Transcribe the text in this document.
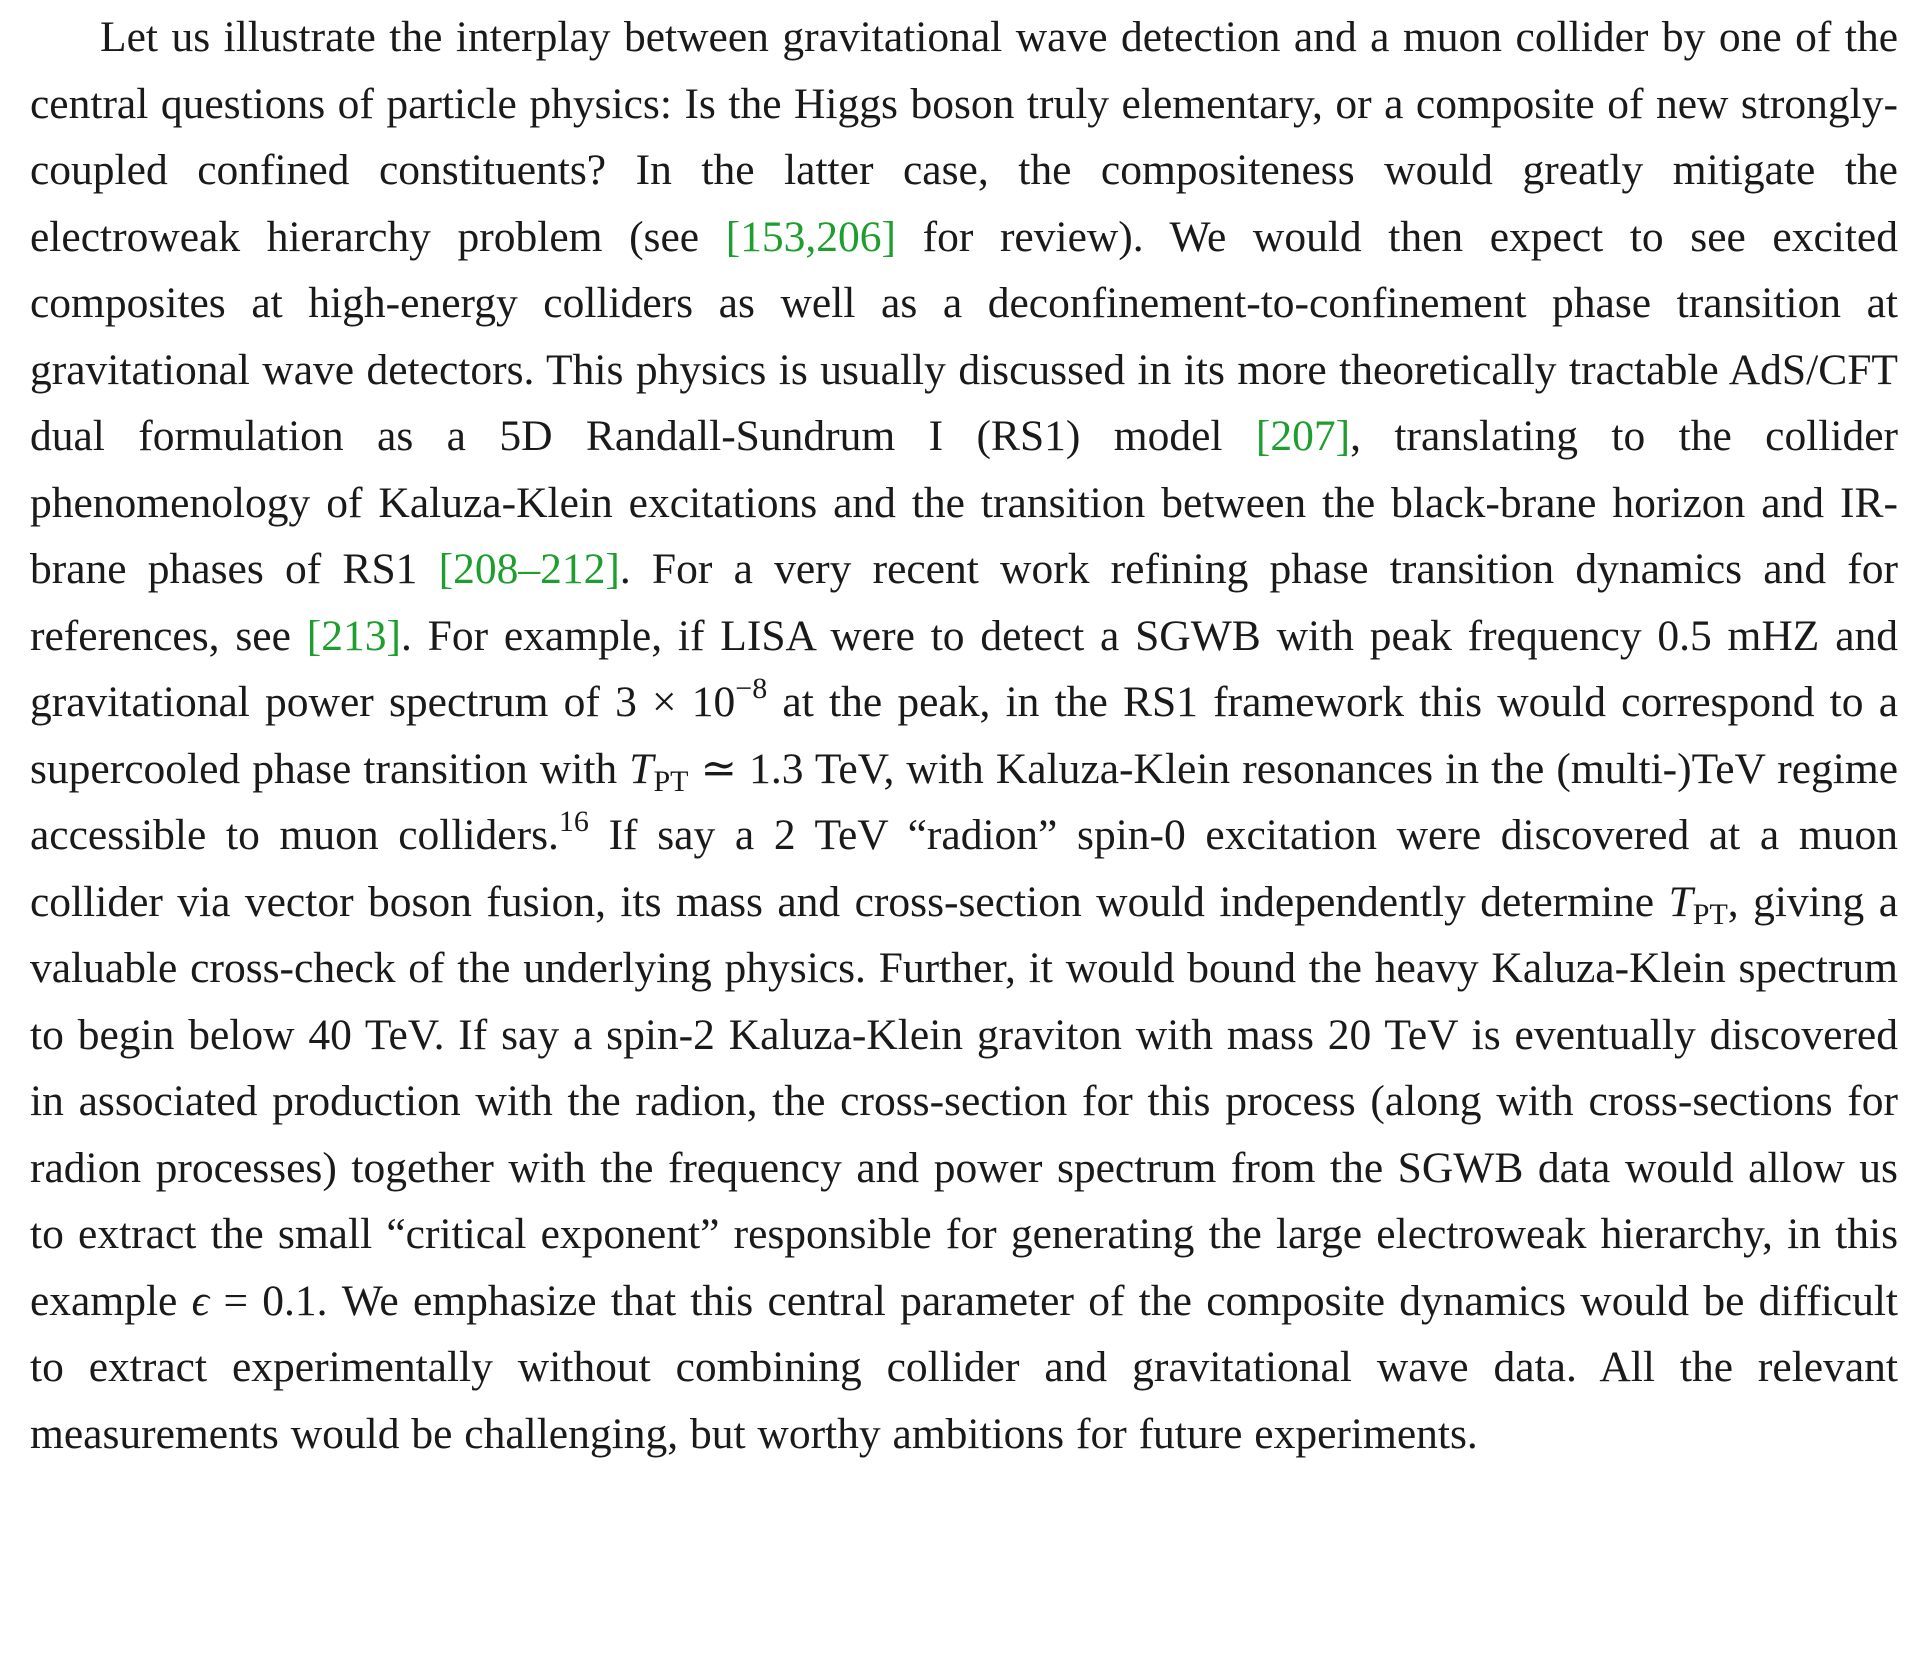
Let us illustrate the interplay between gravitational wave detection and a muon collider by one of the central questions of particle physics: Is the Higgs boson truly elementary, or a composite of new strongly-coupled confined constituents? In the latter case, the compositeness would greatly mitigate the electroweak hierarchy problem (see [153,206] for review). We would then expect to see excited composites at high-energy colliders as well as a deconfinement-to-confinement phase transition at gravitational wave detectors. This physics is usually discussed in its more theoretically tractable AdS/CFT dual formulation as a 5D Randall-Sundrum I (RS1) model [207], translating to the collider phenomenology of Kaluza-Klein excitations and the transition between the black-brane horizon and IR-brane phases of RS1 [208–212]. For a very recent work refining phase transition dynamics and for references, see [213]. For example, if LISA were to detect a SGWB with peak frequency 0.5 mHZ and gravitational power spectrum of $3 \times 10^{-8}$ at the peak, in the RS1 framework this would correspond to a supercooled phase transition with $T_{PT}$ ≃ 1.3 TeV, with Kaluza-Klein resonances in the (multi-)TeV regime accessible to muon colliders.$^{16}$ If say a 2 TeV “radion” spin-0 excitation were discovered at a muon collider via vector boson fusion, its mass and cross-section would independently determine $T_{PT}$, giving a valuable cross-check of the underlying physics. Further, it would bound the heavy Kaluza-Klein spectrum to begin below 40 TeV. If say a spin-2 Kaluza-Klein graviton with mass 20 TeV is eventually discovered in associated production with the radion, the cross-section for this process (along with cross-sections for radion processes) together with the frequency and power spectrum from the SGWB data would allow us to extract the small “critical exponent” responsible for generating the large electroweak hierarchy, in this example ϵ = 0.1. We emphasize that this central parameter of the composite dynamics would be difficult to extract experimentally without combining collider and gravitational wave data. All the relevant measurements would be challenging, but worthy ambitions for future experiments.
